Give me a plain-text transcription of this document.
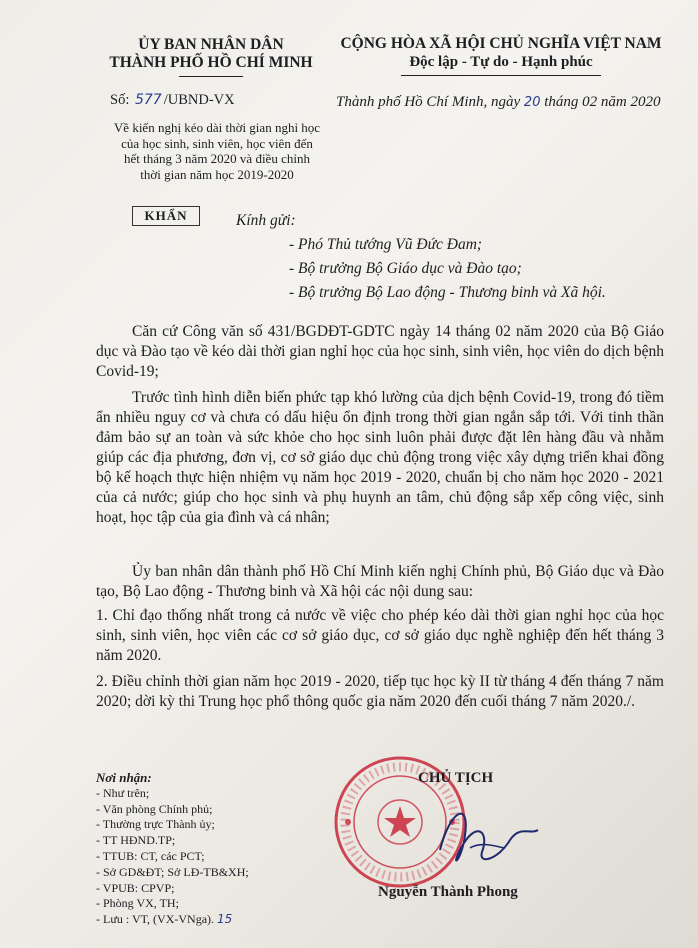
ỦY BAN NHÂN DÂN
THÀNH PHỐ HỒ CHÍ MINH
CỘNG HÒA XÃ HỘI CHỦ NGHĨA VIỆT NAM
Độc lập - Tự do - Hạnh phúc
Số: 577 /UBND-VX	Thành phố Hồ Chí Minh, ngày 20 tháng 02 năm 2020
Về kiến nghị kéo dài thời gian nghỉ học
của học sinh, sinh viên, học viên đến
hết tháng 3 năm 2020 và điều chỉnh
thời gian năm học 2019-2020
KHẨN	Kính gửi:
- Phó Thủ tướng Vũ Đức Đam;
- Bộ trưởng Bộ Giáo dục và Đào tạo;
- Bộ trưởng Bộ Lao động - Thương binh và Xã hội.
Căn cứ Công văn số 431/BGDĐT-GDTC ngày 14 tháng 02 năm 2020 của Bộ Giáo dục và Đào tạo về kéo dài thời gian nghỉ học của học sinh, sinh viên, học viên do dịch bệnh Covid-19;
Trước tình hình diễn biến phức tạp khó lường của dịch bệnh Covid-19, trong đó tiềm ẩn nhiều nguy cơ và chưa có dấu hiệu ổn định trong thời gian ngắn sắp tới. Với tinh thần đảm bảo sự an toàn và sức khỏe cho học sinh luôn phải được đặt lên hàng đầu và nhằm giúp các địa phương, đơn vị, cơ sở giáo dục chủ động trong việc xây dựng triển khai đồng bộ kế hoạch thực hiện nhiệm vụ năm học 2019 - 2020, chuẩn bị cho năm học 2020 - 2021 của cả nước; giúp cho học sinh và phụ huynh an tâm, chủ động sắp xếp công việc, sinh hoạt, học tập của gia đình và cá nhân;
Ủy ban nhân dân thành phố Hồ Chí Minh kiến nghị Chính phủ, Bộ Giáo dục và Đào tạo, Bộ Lao động - Thương binh và Xã hội các nội dung sau:
1. Chỉ đạo thống nhất trong cả nước về việc cho phép kéo dài thời gian nghỉ học của học sinh, sinh viên, học viên các cơ sở giáo dục, cơ sở giáo dục nghề nghiệp đến hết tháng 3 năm 2020.
2. Điều chỉnh thời gian năm học 2019 - 2020, tiếp tục học kỳ II từ tháng 4 đến tháng 7 năm 2020; dời kỳ thi Trung học phổ thông quốc gia năm 2020 đến cuối tháng 7 năm 2020./.
Nơi nhận:
- Như trên;
- Văn phòng Chính phủ;
- Thường trực Thành ủy;
- TT HĐND.TP;
- TTUB: CT, các PCT;
- Sở GD&ĐT; Sở LĐ-TB&XH;
- VPUB: CPVP;
- Phòng VX, TH;
- Lưu : VT, (VX-VNga). 15
CHỦ TỊCH
Nguyễn Thành Phong
